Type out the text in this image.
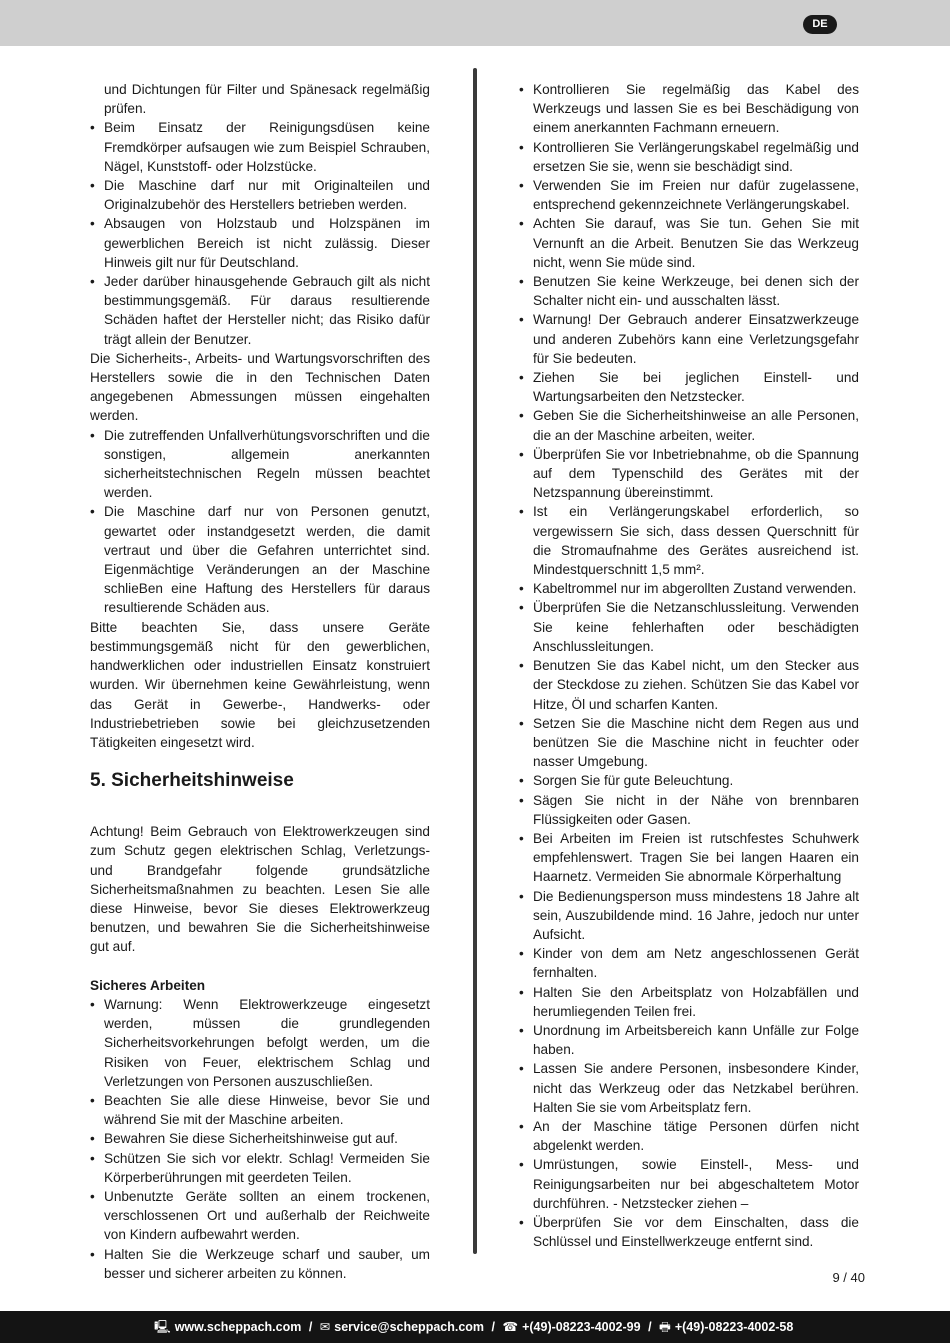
DE
und Dichtungen für Filter und Spänesack regelmäßig prüfen.
• Beim Einsatz der Reinigungsdüsen keine Fremdkörper aufsaugen wie zum Beispiel Schrauben, Nägel, Kunststoff- oder Holzstücke.
• Die Maschine darf nur mit Originalteilen und Originalzubehör des Herstellers betrieben werden.
• Absaugen von Holzstaub und Holzspänen im gewerblichen Bereich ist nicht zulässig. Dieser Hinweis gilt nur für Deutschland.
• Jeder darüber hinausgehende Gebrauch gilt als nicht bestimmungsgemäß. Für daraus resultierende Schäden haftet der Hersteller nicht; das Risiko dafür trägt allein der Benutzer.

Die Sicherheits-, Arbeits- und Wartungsvorschriften des Herstellers sowie die in den Technischen Daten angegebenen Abmessungen müssen eingehalten werden.

• Die zutreffenden Unfallverhütungsvorschriften und die sonstigen, allgemein anerkannten sicherheitstechnischen Regeln müssen beachtet werden.
• Die Maschine darf nur von Personen genutzt, gewartet oder instandgesetzt werden, die damit vertraut und über die Gefahren unterrichtet sind. Eigenmächtige Veränderungen an der Maschine schlieBen eine Haftung des Herstellers für daraus resultierende Schäden aus.

Bitte beachten Sie, dass unsere Geräte bestimmungsgemäß nicht für den gewerblichen, handwerklichen oder industriellen Einsatz konstruiert wurden. Wir übernehmen keine Gewährleistung, wenn das Gerät in Gewerbe-, Handwerks- oder Industriebetrieben sowie bei gleichzusetzenden Tätigkeiten eingesetzt wird.

5. Sicherheitshinweise

Achtung! Beim Gebrauch von Elektrowerkzeugen sind zum Schutz gegen elektrischen Schlag, Verletzungs- und Brandgefahr folgende grundsätzliche Sicherheitsmaßnahmen zu beachten. Lesen Sie alle diese Hinweise, bevor Sie dieses Elektrowerkzeug benutzen, und bewahren Sie die Sicherheitshinweise gut auf.

Sicheres Arbeiten

• Warnung: Wenn Elektrowerkzeuge eingesetzt werden, müssen die grundlegenden Sicherheitsvorkehrungen befolgt werden, um die Risiken von Feuer, elektrischem Schlag und Verletzungen von Personen auszuschließen.
• Beachten Sie alle diese Hinweise, bevor Sie und während Sie mit der Maschine arbeiten.
• Bewahren Sie diese Sicherheitshinweise gut auf.
• Schützen Sie sich vor elektr. Schlag! Vermeiden Sie Körperberührungen mit geerdeten Teilen.
• Unbenutzte Geräte sollten an einem trockenen, verschlossenen Ort und außerhalb der Reichweite von Kindern aufbewahrt werden.
• Halten Sie die Werkzeuge scharf und sauber, um besser und sicherer arbeiten zu können.
• Kontrollieren Sie regelmäßig das Kabel des Werkzeugs und lassen Sie es bei Beschädigung von einem anerkannten Fachmann erneuern.
• Kontrollieren Sie Verlängerungskabel regelmäßig und ersetzen Sie sie, wenn sie beschädigt sind.
• Verwenden Sie im Freien nur dafür zugelassene, entsprechend gekennzeichnete Verlängerungskabel.
• Achten Sie darauf, was Sie tun. Gehen Sie mit Vernunft an die Arbeit. Benutzen Sie das Werkzeug nicht, wenn Sie müde sind.
• Benutzen Sie keine Werkzeuge, bei denen sich der Schalter nicht ein- und ausschalten lässt.
• Warnung! Der Gebrauch anderer Einsatzwerkzeuge und anderen Zubehörs kann eine Verletzungsgefahr für Sie bedeuten.
• Ziehen Sie bei jeglichen Einstell- und Wartungsarbeiten den Netzstecker.
• Geben Sie die Sicherheitshinweise an alle Personen, die an der Maschine arbeiten, weiter.
• Überprüfen Sie vor Inbetriebnahme, ob die Spannung auf dem Typenschild des Gerätes mit der Netzspannung übereinstimmt.
• Ist ein Verlängerungskabel erforderlich, so vergewissern Sie sich, dass dessen Querschnitt für die Stromaufnahme des Gerätes ausreichend ist. Mindestquerschnitt 1,5 mm².
• Kabeltrommel nur im abgerollten Zustand verwenden.
• Überprüfen Sie die Netzanschlussleitung. Verwenden Sie keine fehlerhaften oder beschädigten Anschlussleitungen.
• Benutzen Sie das Kabel nicht, um den Stecker aus der Steckdose zu ziehen. Schützen Sie das Kabel vor Hitze, Öl und scharfen Kanten.
• Setzen Sie die Maschine nicht dem Regen aus und benützen Sie die Maschine nicht in feuchter oder nasser Umgebung.
• Sorgen Sie für gute Beleuchtung.
• Sägen Sie nicht in der Nähe von brennbaren Flüssigkeiten oder Gasen.
• Bei Arbeiten im Freien ist rutschfestes Schuhwerk empfehlenswert. Tragen Sie bei langen Haaren ein Haarnetz. Vermeiden Sie abnormale Körperhaltung
• Die Bedienungsperson muss mindestens 18 Jahre alt sein, Auszubildende mind. 16 Jahre, jedoch nur unter Aufsicht.
• Kinder von dem am Netz angeschlossenen Gerät fernhalten.
• Halten Sie den Arbeitsplatz von Holzabfällen und herumliegenden Teilen frei.
• Unordnung im Arbeitsbereich kann Unfälle zur Folge haben.
• Lassen Sie andere Personen, insbesondere Kinder, nicht das Werkzeug oder das Netzkabel berühren. Halten Sie sie vom Arbeitsplatz fern.
• An der Maschine tätige Personen dürfen nicht abgelenkt werden.
• Umrüstungen, sowie Einstell-, Mess- und Reinigungsarbeiten nur bei abgeschaltetem Motor durchführen. - Netzstecker ziehen –
• Überprüfen Sie vor dem Einschalten, dass die Schlüssel und Einstellwerkzeuge entfernt sind.
9 / 40
🖳 www.scheppach.com / ✉ service@scheppach.com / ☎ +(49)-08223-4002-99 / 🖶 +(49)-08223-4002-58
